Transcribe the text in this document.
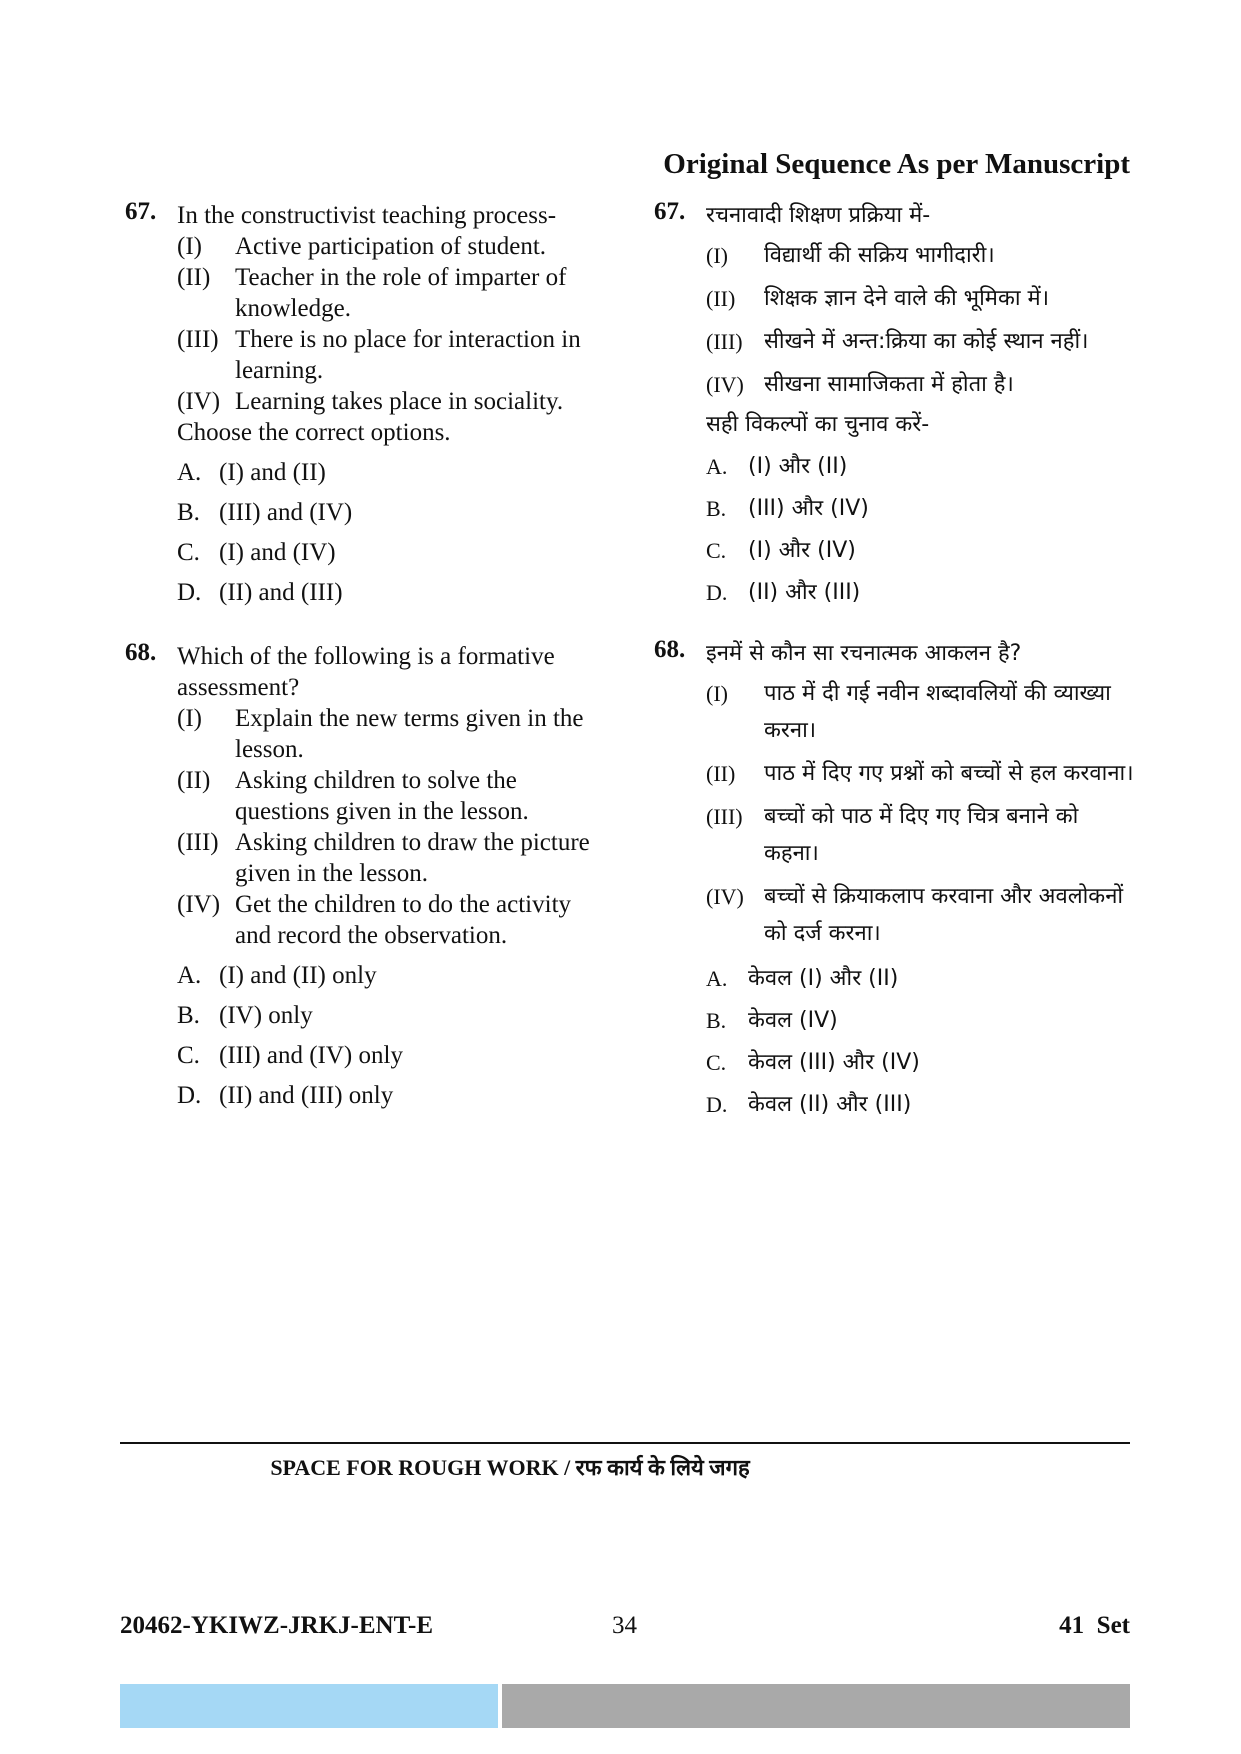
Original Sequence As per Manuscript
67. In the constructivist teaching process-
(I)	Active participation of student.
(II) Teacher in the role of imparter of knowledge.
(III) There is no place for interaction in learning.
(IV) Learning takes place in sociality.
Choose the correct options.
A. (I) and (II)
B. (III) and (IV)
C. (I) and (IV)
D. (II) and (III)
68. Which of the following is a formative assessment?
(I)	Explain the new terms given in the lesson.
(II) Asking children to solve the questions given in the lesson.
(III) Asking children to draw the picture given in the lesson.
(IV) Get the children to do the activity and record the observation.
A. (I) and (II) only
B. (IV) only
C. (III) and (IV) only
D. (II) and (III) only
67. रचनावादी शिक्षण प्रक्रिया में-
(I)	विद्यार्थी की सक्रिय भागीदारी।
(II)	शिक्षक ज्ञान देने वाले की भूमिका में।
(III) सीखने में अन्त:क्रिया का कोई स्थान नहीं।
(IV) सीखना सामाजिकता में होता है।
सही विकल्पों का चुनाव करें-
A. (I) और (II)
B. (III) और (IV)
C. (I) और (IV)
D. (II) और (III)
68. इनमें से कौन सा रचनात्मक आकलन है?
(I)	पाठ में दी गई नवीन शब्दावलियों की व्याख्या करना।
(II)	पाठ में दिए गए प्रश्नों को बच्चों से हल करवाना।
(III) बच्चों को पाठ में दिए गए चित्र बनाने को कहना।
(IV) बच्चों से क्रियाकलाप करवाना और अवलोकनों को दर्ज करना।
A. केवल (I) और (II)
B. केवल (IV)
C. केवल (III) और (IV)
D. केवल (II) और (III)
SPACE FOR ROUGH WORK / रफ कार्य के लिये जगह
20462-YKIWZ-JRKJ-ENT-E	34	41  Set
